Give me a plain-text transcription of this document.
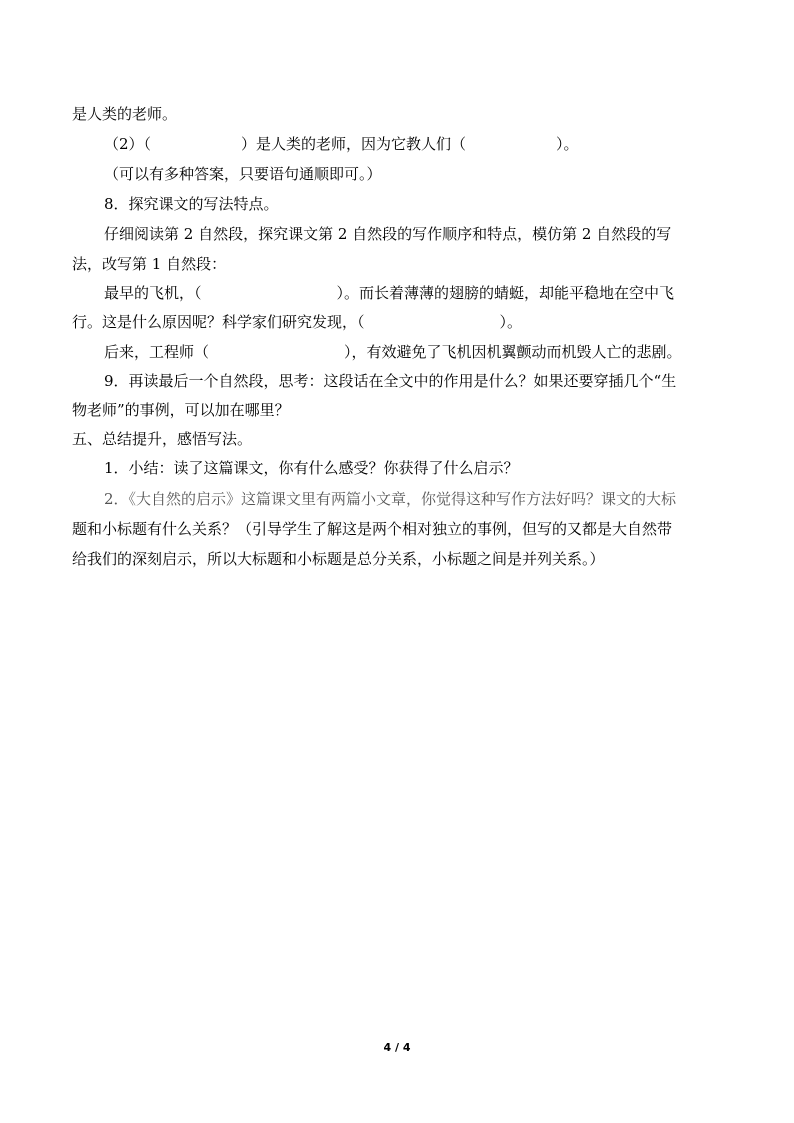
是人类的老师。
（2）（　　　　　　）是人类的老师，因为它教人们（　　　　　　）。
（可以有多种答案，只要语句通顺即可。）
8．探究课文的写法特点。
仔细阅读第 2 自然段，探究课文第 2 自然段的写作顺序和特点，模仿第 2 自然段的写
法，改写第 1 自然段：
最早的飞机，（　　　　　　　　　）。而长着薄薄的翅膀的蜻蜓，却能平稳地在空中飞
行。这是什么原因呢？科学家们研究发现，（　　　　　　　　　）。
后来，工程师（　　　　　　　　　），有效避免了飞机因机翼颤动而机毁人亡的悲剧。
9．再读最后一个自然段，思考：这段话在全文中的作用是什么？如果还要穿插几个“生
物老师”的事例，可以加在哪里？
五、总结提升，感悟写法。
1．小结：读了这篇课文，你有什么感受？你获得了什么启示？
2．《大自然的启示》这篇课文里有两篇小文章，你觉得这种写作方法好吗？课文的大标
题和小标题有什么关系？（引导学生了解这是两个相对独立的事例，但写的又都是大自然带
给我们的深刻启示，所以大标题和小标题是总分关系，小标题之间是并列关系。）
4 / 4
